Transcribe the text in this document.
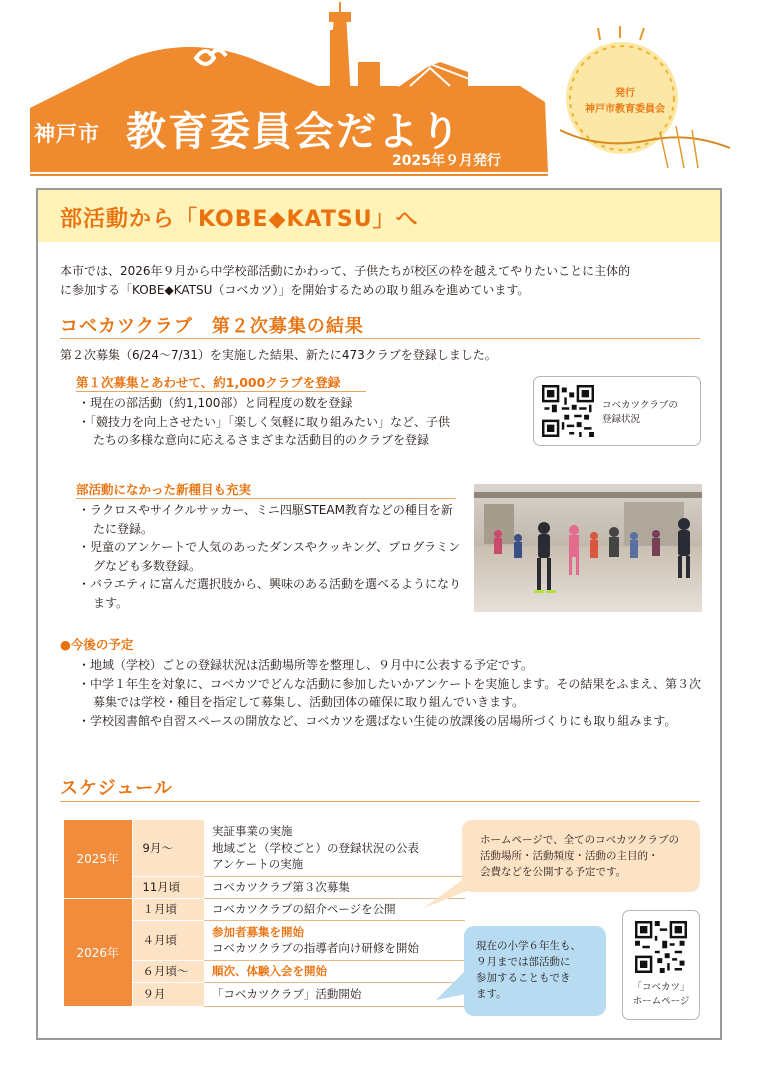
神戸市 教育委員会だより
2025年９月発行
発行
神戸市教育委員会
部活動から「KOBE◆KATSU」へ
本市では、2026年９月から中学校部活動にかわって、子供たちが校区の枠を越えてやりたいことに主体的
に参加する「KOBE◆KATSU（コベカツ）」を開始するための取り組みを進めています。
コベカツクラブ　第２次募集の結果
第２次募集（6/24～7/31）を実施した結果、新たに473クラブを登録しました。
第１次募集とあわせて、約1,000クラブを登録
・現在の部活動（約1,100部）と同程度の数を登録
・「競技力を向上させたい」「楽しく気軽に取り組みたい」など、子供たちの多様な意向に応えるさまざまな活動目的のクラブを登録
コベカツクラブの
登録状況
部活動になかった新種目も充実
・ラクロスやサイクルサッカー、ミニ四駆STEAM教育などの種目を新たに登録。
・児童のアンケートで人気のあったダンスやクッキング、プログラミングなども多数登録。
・バラエティに富んだ選択肢から、興味のある活動を選べるようになります。
●今後の予定
・地域（学校）ごとの登録状況は活動場所等を整理し、９月中に公表する予定です。
・中学１年生を対象に、コベカツでどんな活動に参加したいかアンケートを実施します。その結果をふまえ、第３次募集では学校・種目を指定して募集し、活動団体の確保に取り組んでいきます。
・学校図書館や自習スペースの開放など、コベカツを選ばない生徒の放課後の居場所づくりにも取り組みます。
スケジュール
2025年	9月～	実証事業の実施
地域ごと（学校ごと）の登録状況の公表
アンケートの実施

	11月頃	コベカツクラブ第３次募集
2026年	１月頃	コベカツクラブの紹介ページを公開
	４月頃	参加者募集を開始
コベカツクラブの指導者向け研修を開始

	６月頃～	順次、体験入会を開始
	９月	「コベカツクラブ」活動開始
ホームページで、全てのコベカツクラブの
活動場所・活動頻度・活動の主目的・
会費などを公開する予定です。
現在の小学６年生も、
９月までは部活動に
参加することもでき
ます。
「コベカツ」
ホームページ
